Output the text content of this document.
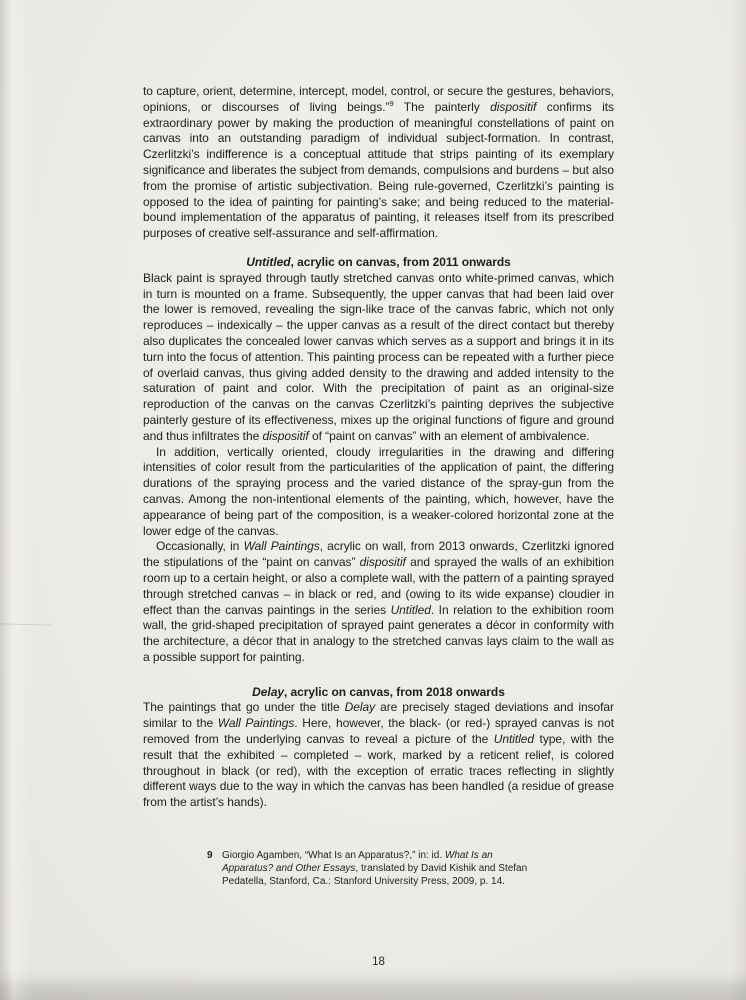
to capture, orient, determine, intercept, model, control, or secure the gestures, behaviors, opinions, or discourses of living beings.”$^9$ The painterly dispositif confirms its extraordinary power by making the production of meaningful constellations of paint on canvas into an outstanding paradigm of individual subject-formation. In contrast, Czerlitzki’s indifference is a conceptual attitude that strips painting of its exemplary significance and liberates the subject from demands, compulsions and burdens – but also from the promise of artistic subjectivation. Being rule-governed, Czerlitzki’s painting is opposed to the idea of painting for painting’s sake; and being reduced to the material-bound implementation of the apparatus of painting, it releases itself from its prescribed purposes of creative self-assurance and self-affirmation.

Untitled, acrylic on canvas, from 2011 onwards

Black paint is sprayed through tautly stretched canvas onto white-primed canvas, which in turn is mounted on a frame. Subsequently, the upper canvas that had been laid over the lower is removed, revealing the sign-like trace of the canvas fabric, which not only reproduces – indexically – the upper canvas as a result of the direct contact but thereby also duplicates the concealed lower canvas which serves as a support and brings it in its turn into the focus of attention. This painting process can be repeated with a further piece of overlaid canvas, thus giving added density to the drawing and added intensity to the saturation of paint and color. With the precipitation of paint as an original-size reproduction of the canvas on the canvas Czerlitzki’s painting deprives the subjective painterly gesture of its effectiveness, mixes up the original functions of figure and ground and thus infiltrates the dispositif of “paint on canvas” with an element of ambivalence.

In addition, vertically oriented, cloudy irregularities in the drawing and differing intensities of color result from the particularities of the application of paint, the differing durations of the spraying process and the varied distance of the spray-gun from the canvas. Among the non-intentional elements of the painting, which, however, have the appearance of being part of the composition, is a weaker-colored horizontal zone at the lower edge of the canvas.

Occasionally, in Wall Paintings, acrylic on wall, from 2013 onwards, Czerlitzki ignored the stipulations of the “paint on canvas” dispositif and sprayed the walls of an exhibition room up to a certain height, or also a complete wall, with the pattern of a painting sprayed through stretched canvas – in black or red, and (owing to its wide expanse) cloudier in effect than the canvas paintings in the series Untitled. In relation to the exhibition room wall, the grid-shaped precipitation of sprayed paint generates a décor in conformity with the architecture, a décor that in analogy to the stretched canvas lays claim to the wall as a possible support for painting.

Delay, acrylic on canvas, from 2018 onwards

The paintings that go under the title Delay are precisely staged deviations and insofar similar to the Wall Paintings. Here, however, the black- (or red-) sprayed canvas is not removed from the underlying canvas to reveal a picture of the Untitled type, with the result that the exhibited – completed – work, marked by a reticent relief, is colored throughout in black (or red), with the exception of erratic traces reflecting in slightly different ways due to the way in which the canvas has been handled (a residue of grease from the artist’s hands).

9 Giorgio Agamben, “What Is an Apparatus?,” in: id. What Is an Apparatus? and Other Essays, translated by David Kishik and Stefan Pedatella, Stanford, Ca.: Stanford University Press, 2009, p. 14.
18
